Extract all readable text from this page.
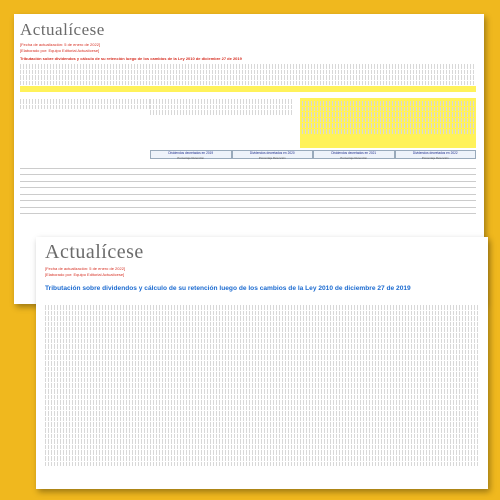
Actualícese
[Fecha de actualización: 5 de enero de 2022]
[Elaborado por: Equipo Editorial Actualícese]
Tributación sobre dividendos y cálculo de su retención luego de los cambios de la Ley 2010 de diciembre 27 de 2019
Dividendos decretados en 2019
Porcentaje Retención
Dividendos decretados en 2020
Porcentaje Retención
Dividendos decretados en 2021
Porcentaje Retención
Dividendos decretados en 2022
Porcentaje Retención
Actualícese
[Fecha de actualización: 5 de enero de 2022]
[Elaborado por: Equipo Editorial Actualícese]
Tributación sobre dividendos y cálculo de su retención luego de los cambios de la Ley 2010 de diciembre 27 de 2019
